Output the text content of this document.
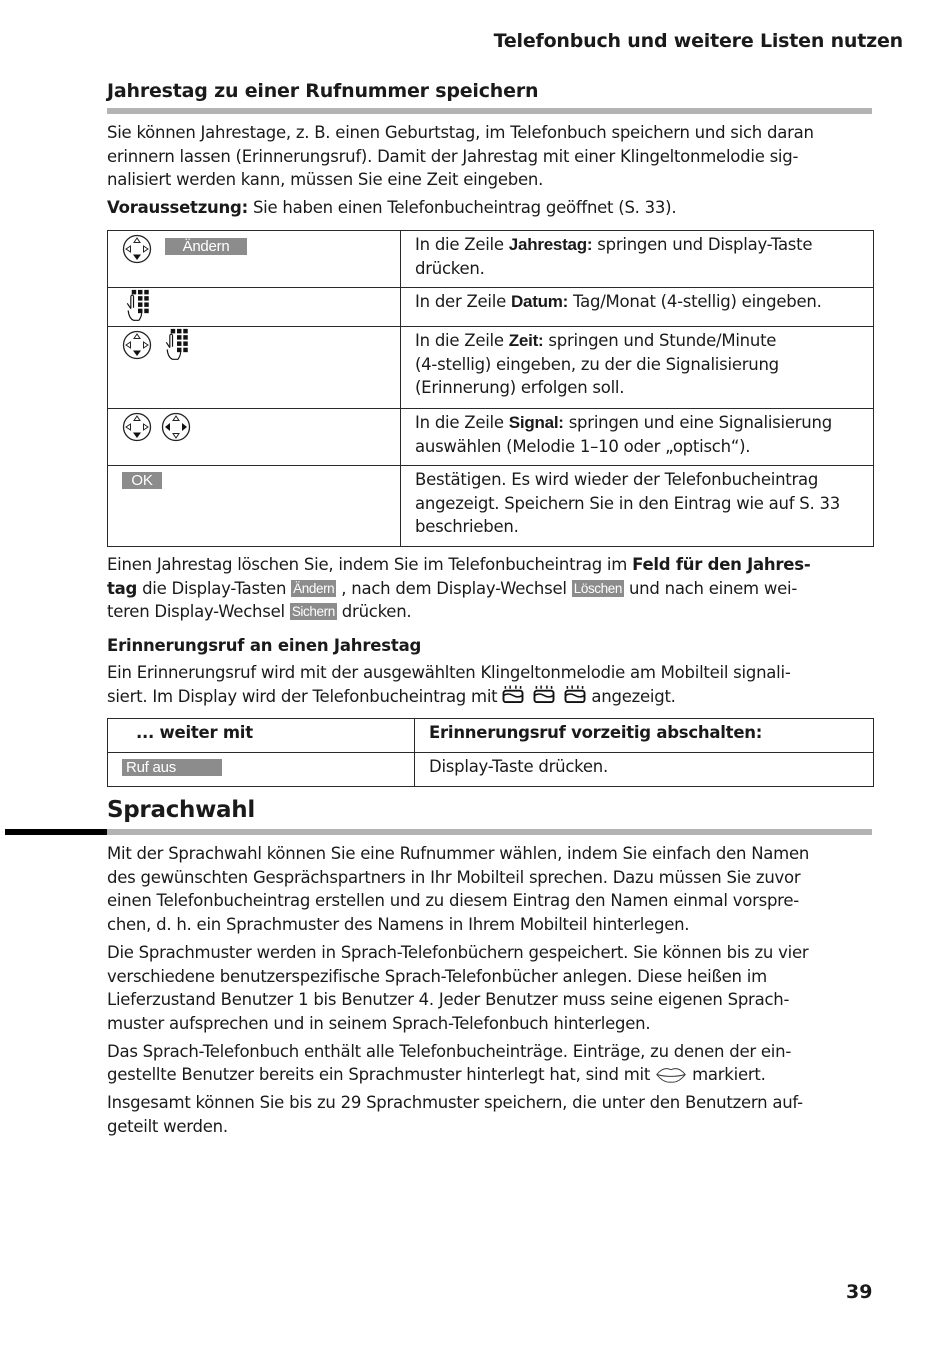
Telefonbuch und weitere Listen nutzen
Jahrestag zu einer Rufnummer speichern

Sie können Jahrestage, z. B. einen Geburtstag, im Telefonbuch speichern und sich daran
erinnern lassen (Erinnerungsruf). Damit der Jahrestag mit einer Klingeltonmelodie sig-
nalisiert werden kann, müssen Sie eine Zeit eingeben.

Voraussetzung: Sie haben einen Telefonbucheintrag geöffnet (S. 33).

Ändern	In die Zeile Jahrestag: springen und Display-Taste
drücken.

In der Zeile Datum: Tag/Monat (4-stellig) eingeben.

In die Zeile Zeit: springen und Stunde/Minute
(4-stellig) eingeben, zu der die Signalisierung
(Erinnerung) erfolgen soll.

In die Zeile Signal: springen und eine Signalisierung
auswählen (Melodie 1–10 oder „optisch“).

OK	Bestätigen. Es wird wieder der Telefonbucheintrag
angezeigt. Speichern Sie in den Eintrag wie auf S. 33
beschrieben.
Einen Jahrestag löschen Sie, indem Sie im Telefonbucheintrag im Feld für den Jahres-
tag die Display-Tasten Ändern , nach dem Display-Wechsel Löschen und nach einem wei-
teren Display-Wechsel Sichern drücken.
Erinnerungsruf an einen Jahrestag
Ein Erinnerungsruf wird mit der ausgewählten Klingeltonmelodie am Mobilteil signali-
siert. Im Display wird der Telefonbucheintrag mit	angezeigt.
... weiter mit	Erinnerungsruf vorzeitig abschalten:
Ruf aus	Display-Taste drücken.
Sprachwahl

Mit der Sprachwahl können Sie eine Rufnummer wählen, indem Sie einfach den Namen
des gewünschten Gesprächspartners in Ihr Mobilteil sprechen. Dazu müssen Sie zuvor
einen Telefonbucheintrag erstellen und zu diesem Eintrag den Namen einmal vorspre-
chen, d. h. ein Sprachmuster des Namens in Ihrem Mobilteil hinterlegen.

Die Sprachmuster werden in Sprach-Telefonbüchern gespeichert. Sie können bis zu vier
verschiedene benutzerspezifische Sprach-Telefonbücher anlegen. Diese heißen im
Lieferzustand Benutzer 1 bis Benutzer 4. Jeder Benutzer muss seine eigenen Sprach-
muster aufsprechen und in seinem Sprach-Telefonbuch hinterlegen.

Das Sprach-Telefonbuch enthält alle Telefonbucheinträge. Einträge, zu denen der ein-
gestellte Benutzer bereits ein Sprachmuster hinterlegt hat, sind mit  markiert.

Insgesamt können Sie bis zu 29 Sprachmuster speichern, die unter den Benutzern auf-
geteilt werden.

39
